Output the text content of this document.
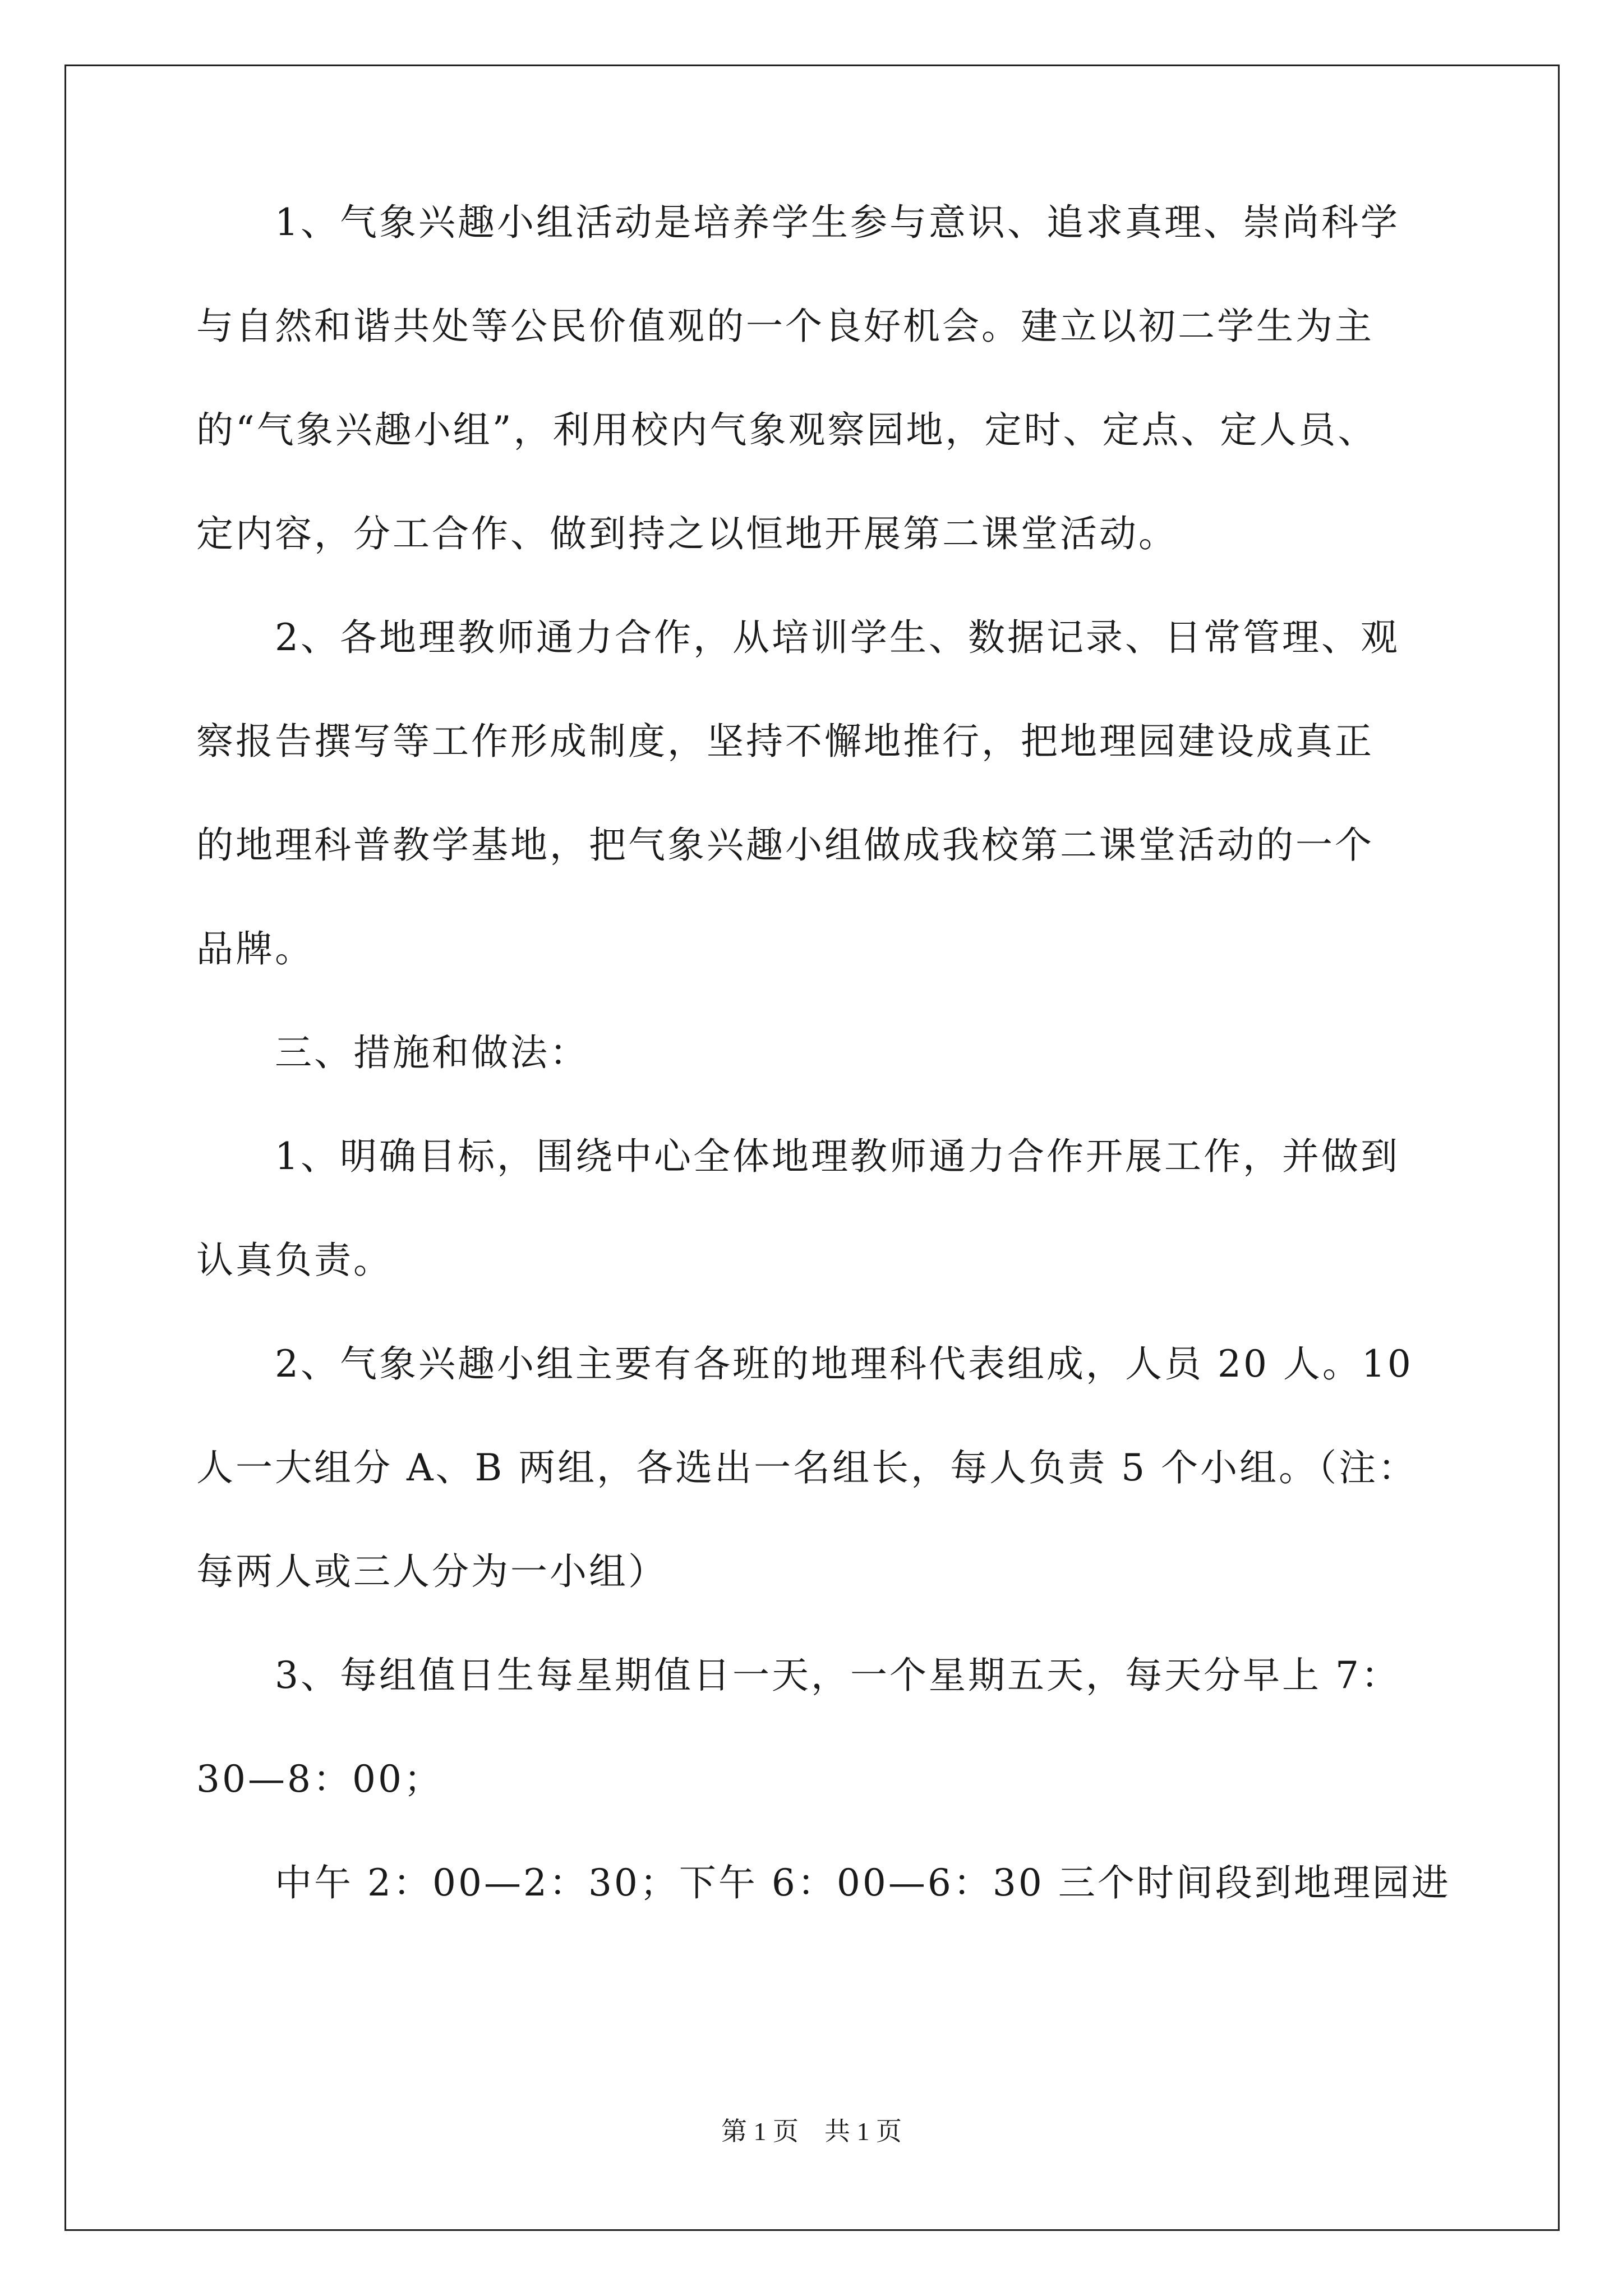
1、气象兴趣小组活动是培养学生参与意识、追求真理、崇尚科学
与自然和谐共处等公民价值观的一个良好机会。建立以初二学生为主
的“气象兴趣小组”，利用校内气象观察园地，定时、定点、定人员、
定内容，分工合作、做到持之以恒地开展第二课堂活动。
2、各地理教师通力合作，从培训学生、数据记录、日常管理、观
察报告撰写等工作形成制度，坚持不懈地推行，把地理园建设成真正
的地理科普教学基地，把气象兴趣小组做成我校第二课堂活动的一个
品牌。
三、措施和做法：
1、明确目标，围绕中心全体地理教师通力合作开展工作，并做到
认真负责。
2、气象兴趣小组主要有各班的地理科代表组成，人员 20 人。10
人一大组分 A、B 两组，各选出一名组长，每人负责 5 个小组。（注：
每两人或三人分为一小组）
3、每组值日生每星期值日一天，一个星期五天，每天分早上 7：
30—8：00；
中午 2：00—2：30；下午 6：00—6：30 三个时间段到地理园进
第 1 页　共 1 页
